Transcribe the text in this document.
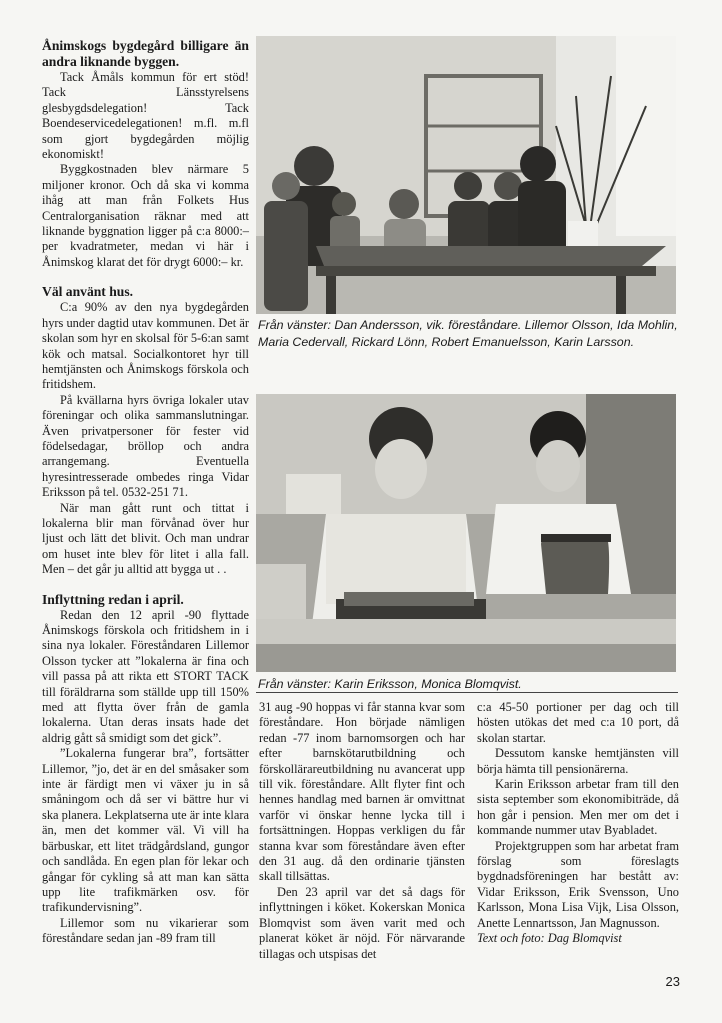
Ånimskogs bygdegård billigare än andra liknande byggen.

Tack Åmåls kommun för ert stöd! Tack Länsstyrelsens glesbygdsdelegation! Tack Boendeservicedelegationen! m.fl. m.fl som gjort bygdegården möjlig ekonomiskt!

Byggkostnaden blev närmare 5 miljoner kronor. Och då ska vi komma ihåg att man från Folkets Hus Centralorganisation räknar med att liknande byggnation ligger på c:a 8000:– per kvadratmeter, medan vi här i Ånimskog klarat det för drygt 6000:– kr.

Väl använt hus.

C:a 90% av den nya bygdegården hyrs under dagtid utav kommunen. Det är skolan som hyr en skolsal för 5-6:an samt kök och matsal. Socialkontoret hyr till hemtjänsten och Ånimskogs förskola och fritidshem.

På kvällarna hyrs övriga lokaler utav föreningar och olika sammanslutningar. Även privatpersoner för fester vid födelsedagar, bröllop och andra arrangemang. Eventuella hyresintresserade ombedes ringa Vidar Eriksson på tel. 0532-251 71.

När man gått runt och tittat i lokalerna blir man förvånad över hur ljust och lätt det blivit. Och man undrar om huset inte blev för litet i alla fall. Men – det går ju alltid att bygga ut . .

Inflyttning redan i april.

Redan den 12 april -90 flyttade Ånimskogs förskola och fritidshem in i sina nya lokaler. Föreståndaren Lillemor Olsson tycker att ”lokalerna är fina och vill passa på att rikta ett STORT TACK till föräldrarna som ställde upp till 150% med att flytta över från de gamla lokalerna. Utan deras insats hade det aldrig gått så smidigt som det gick”.

”Lokalerna fungerar bra”, fortsätter Lillemor, ”jo, det är en del småsaker som inte är färdigt men vi växer ju in så småningom och då ser vi bättre hur vi ska planera. Lekplatserna ute är inte klara än, men det kommer väl. Vi vill ha bärbuskar, ett litet trädgårdsland, gungor och sandlåda. En egen plan för lekar och gångar för cykling så att man kan sätta upp lite trafikmärken osv. för trafikundervisning”.

Lillemor som nu vikarierar som föreståndare sedan jan -89 fram till

Från vänster: Dan Andersson, vik. föreståndare. Lillemor Olsson, Ida Mohlin, Maria Cedervall, Rickard Lönn, Robert Emanuelsson, Karin Larsson.
Från vänster: Karin Eriksson, Monica Blomqvist.

31 aug -90 hoppas vi får stanna kvar som föreståndare. Hon började nämligen redan -77 inom barnomsorgen och har efter barnskötarutbildning och förskollärareutbildning nu avancerat upp till vik. föreståndare. Allt flyter fint och hennes handlag med barnen är omvittnat varför vi önskar henne lycka till i fortsättningen. Hoppas verkligen du får stanna kvar som föreståndare även efter den 31 aug. då den ordinarie tjänsten skall tillsättas.

Den 23 april var det så dags för inflyttningen i köket. Kokerskan Monica Blomqvist som även varit med och planerat köket är nöjd. För närvarande tillagas och utspisas det

c:a 45-50 portioner per dag och till hösten utökas det med c:a 10 port, då skolan startar.

Dessutom kanske hemtjänsten vill börja hämta till pensionärerna.

Karin Eriksson arbetar fram till den sista september som ekonomibiträde, då hon går i pension. Men mer om det i kommande nummer utav Byabladet.

Projektgruppen som har arbetat fram förslag som föreslagts bygdnadsföreningen har bestått av: Vidar Eriksson, Erik Svensson, Uno Karlsson, Mona Lisa Vijk, Lisa Olsson, Anette Lennartsson, Jan Magnusson.

Text och foto: Dag Blomqvist

23
